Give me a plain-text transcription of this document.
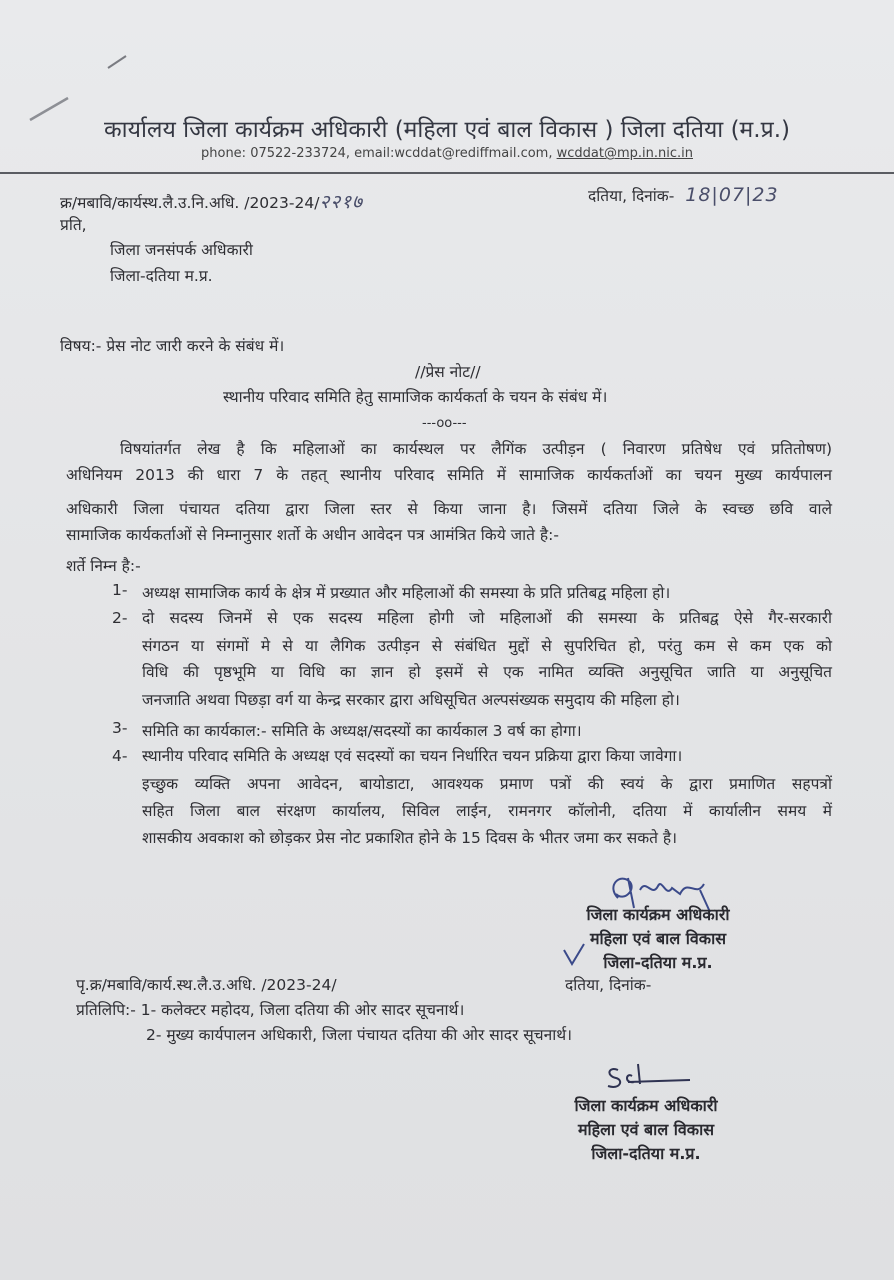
कार्यालय जिला कार्यक्रम अधिकारी (महिला एवं बाल विकास ) जिला दतिया (म.प्र.)
phone: 07522-233724, email:wcddat@rediffmail.com, wcddat@mp.in.nic.in
क्र/मबावि/कार्यस्थ.लै.उ.नि.अधि. /2023-24/२२१७	दतिया, दिनांक- 18|07|23
प्रति,
जिला जनसंपर्क अधिकारी
जिला-दतिया म.प्र.
विषय:- प्रेस नोट जारी करने के संबंध में।
//प्रेस नोट//
स्थानीय परिवाद समिति हेतु सामाजिक कार्यकर्ता के चयन के संबंध में।
---oo---
विषयांतर्गत लेख है कि महिलाओं का कार्यस्थल पर लैगिंक उत्पीड़न ( निवारण प्रतिषेध एवं प्रतितोषण)
अधिनियम 2013 की धारा 7 के तहत् स्थानीय परिवाद समिति में सामाजिक कार्यकर्ताओं का चयन मुख्य कार्यपालन
अधिकारी जिला पंचायत दतिया द्वारा जिला स्तर से किया जाना है। जिसमें दतिया जिले के स्वच्छ छवि वाले
सामाजिक कार्यकर्ताओं से निम्नानुसार शर्तो के अधीन आवेदन पत्र आमंत्रित किये जाते है:-
शर्ते निम्न है:-
1- अध्यक्ष सामाजिक कार्य के क्षेत्र में प्रख्यात और महिलाओं की समस्या के प्रति प्रतिबद्व महिला हो।
2- दो सदस्य जिनमें से एक सदस्य महिला होगी जो महिलाओं की समस्या के प्रतिबद्व ऐसे गैर-सरकारी
संगठन या संगमों मे से या लैगिक उत्पीड़न से संबंधित मुद्दों से सुपरिचित हो, परंतु कम से कम एक को
विधि की पृष्ठभूमि या विधि का ज्ञान हो इसमें से एक नामित व्यक्ति अनुसूचित जाति या अनुसूचित
जनजाति अथवा पिछड़ा वर्ग या केन्द्र सरकार द्वारा अधिसूचित अल्पसंख्यक समुदाय की महिला हो।
3- समिति का कार्यकाल:- समिति के अध्यक्ष/सदस्यों का कार्यकाल 3 वर्ष का होगा।
4- स्थानीय परिवाद समिति के अध्यक्ष एवं सदस्यों का चयन निर्धारित चयन प्रक्रिया द्वारा किया जावेगा।
इच्छुक व्यक्ति अपना आवेदन, बायोडाटा, आवश्यक प्रमाण पत्रों की स्वयं के द्वारा प्रमाणित सहपत्रों
सहित जिला बाल संरक्षण कार्यालय, सिविल लाईन, रामनगर कॉलोनी, दतिया में कार्यालीन समय में
शासकीय अवकाश को छोड़कर प्रेस नोट प्रकाशित होने के 15 दिवस के भीतर जमा कर सकते है।
जिला कार्यक्रम अधिकारी
महिला एवं बाल विकास
जिला-दतिया म.प्र.
पृ.क्र/मबावि/कार्य.स्थ.लै.उ.अधि. /2023-24/	दतिया, दिनांक-
प्रतिलिपि:- 1- कलेक्टर महोदय, जिला दतिया की ओर सादर सूचनार्थ।
2- मुख्य कार्यपालन अधिकारी, जिला पंचायत दतिया की ओर सादर सूचनार्थ।
जिला कार्यक्रम अधिकारी
महिला एवं बाल विकास
जिला-दतिया म.प्र.
